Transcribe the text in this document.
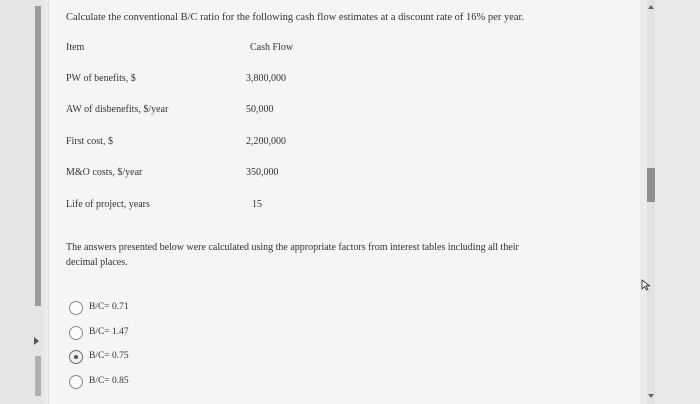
Calculate the conventional B/C ratio for the following cash flow estimates at a discount rate of 16% per year.
Item	Cash Flow
PW of benefits, $	3,800,000
AW of disbenefits, $/year	50,000
First cost, $	2,200,000
M&O costs, $/year	350,000
Life of project, years	15
The answers presented below were calculated using the appropriate factors from interest tables including all their decimal places.
B/C= 0.71
B/C= 1.47
B/C= 0.75
B/C= 0.85
